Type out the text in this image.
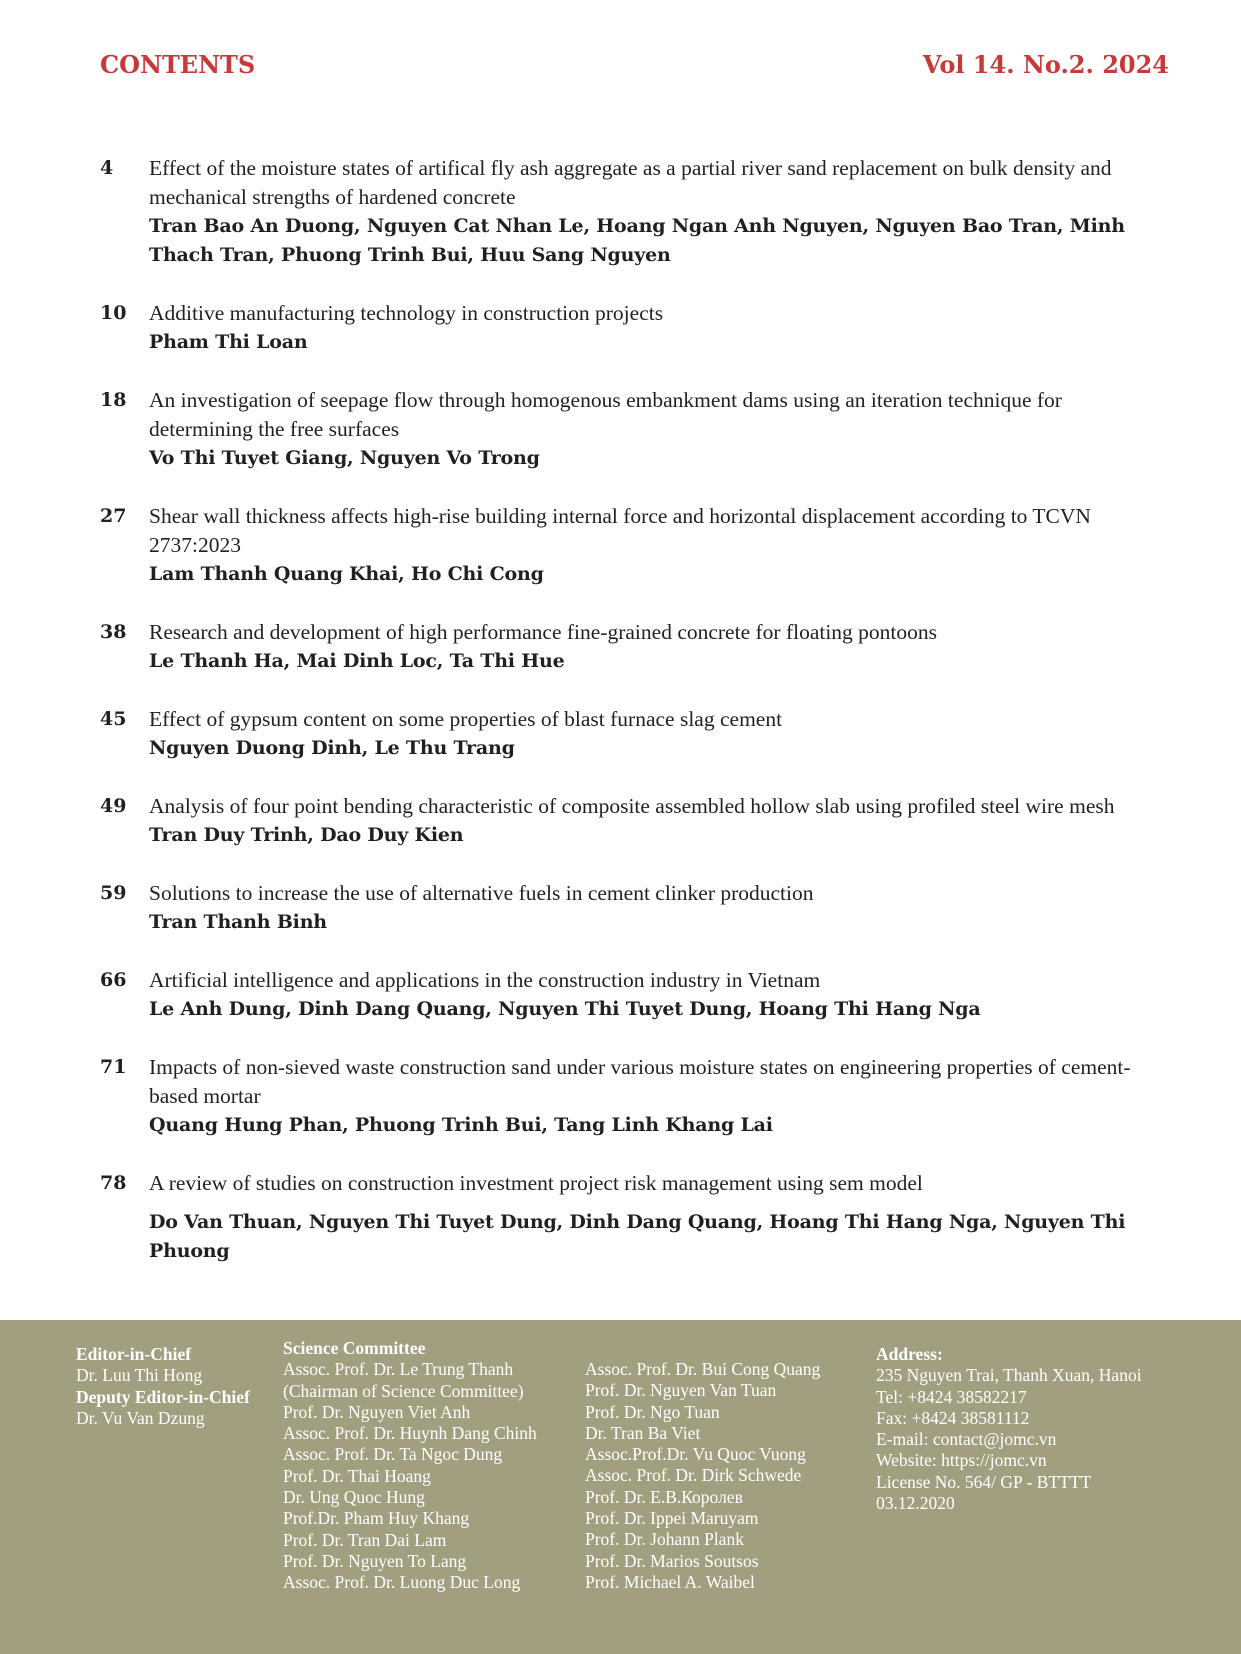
CONTENTS	Vol 14. No.2. 2024
4	Effect of the moisture states of artifical fly ash aggregate as a partial river sand replacement on bulk density and mechanical strengths of hardened concrete
Tran Bao An Duong, Nguyen Cat Nhan Le, Hoang Ngan Anh Nguyen, Nguyen Bao Tran, Minh Thach Tran, Phuong Trinh Bui, Huu Sang Nguyen
10	Additive manufacturing technology in construction projects
Pham Thi Loan
18	An investigation of seepage flow through homogenous embankment dams using an iteration technique for determining the free surfaces
Vo Thi Tuyet Giang, Nguyen Vo Trong
27	Shear wall thickness affects high-rise building internal force and horizontal displacement according to TCVN 2737:2023
Lam Thanh Quang Khai, Ho Chi Cong
38	Research and development of high performance fine-grained concrete for floating pontoons
Le Thanh Ha, Mai Dinh Loc, Ta Thi Hue
45	Effect of gypsum content on some properties of blast furnace slag cement
Nguyen Duong Dinh, Le Thu Trang
49	Analysis of four point bending characteristic of composite assembled hollow slab using profiled steel wire mesh
Tran Duy Trinh, Dao Duy Kien
59	Solutions to increase the use of alternative fuels in cement clinker production
Tran Thanh Binh
66	Artificial intelligence and applications in the construction industry in Vietnam
Le Anh Dung, Dinh Dang Quang, Nguyen Thi Tuyet Dung, Hoang Thi Hang Nga
71	Impacts of non-sieved waste construction sand under various moisture states on engineering properties of cement-based mortar
Quang Hung Phan, Phuong Trinh Bui, Tang Linh Khang Lai
78	A review of studies on construction investment project risk management using sem model
Do Van Thuan, Nguyen Thi Tuyet Dung, Dinh Dang Quang, Hoang Thi Hang Nga, Nguyen Thi Phuong
Editor-in-Chief
Dr. Luu Thi Hong
Deputy Editor-in-Chief
Dr. Vu Van Dzung
Science Committee
Assoc. Prof. Dr. Le Trung Thanh
(Chairman of Science Committee)
Prof. Dr. Nguyen Viet Anh
Assoc. Prof. Dr. Huynh Dang Chinh
Assoc. Prof. Dr. Ta Ngoc Dung
Prof. Dr. Thai Hoang
Dr. Ung Quoc Hung
Prof.Dr. Pham Huy Khang
Prof. Dr. Tran Dai Lam
Prof. Dr. Nguyen To Lang
Assoc. Prof. Dr. Luong Duc Long
Assoc. Prof. Dr. Bui Cong Quang
Prof. Dr. Nguyen Van Tuan
Prof. Dr. Ngo Tuan
Dr. Tran Ba Viet
Assoc.Prof.Dr. Vu Quoc Vuong
Assoc. Prof. Dr. Dirk Schwede
Prof. Dr. E.В.Королев
Prof. Dr. Ippei Maruyam
Prof. Dr. Johann Plank
Prof. Dr. Marios Soutsos
Prof. Michael A. Waibel
Address:
235 Nguyen Trai, Thanh Xuan, Hanoi
Tel: +8424 38582217
Fax: +8424 38581112
E-mail: contact@jomc.vn
Website: https://jomc.vn
License No. 564/ GP - BTTTT
03.12.2020
